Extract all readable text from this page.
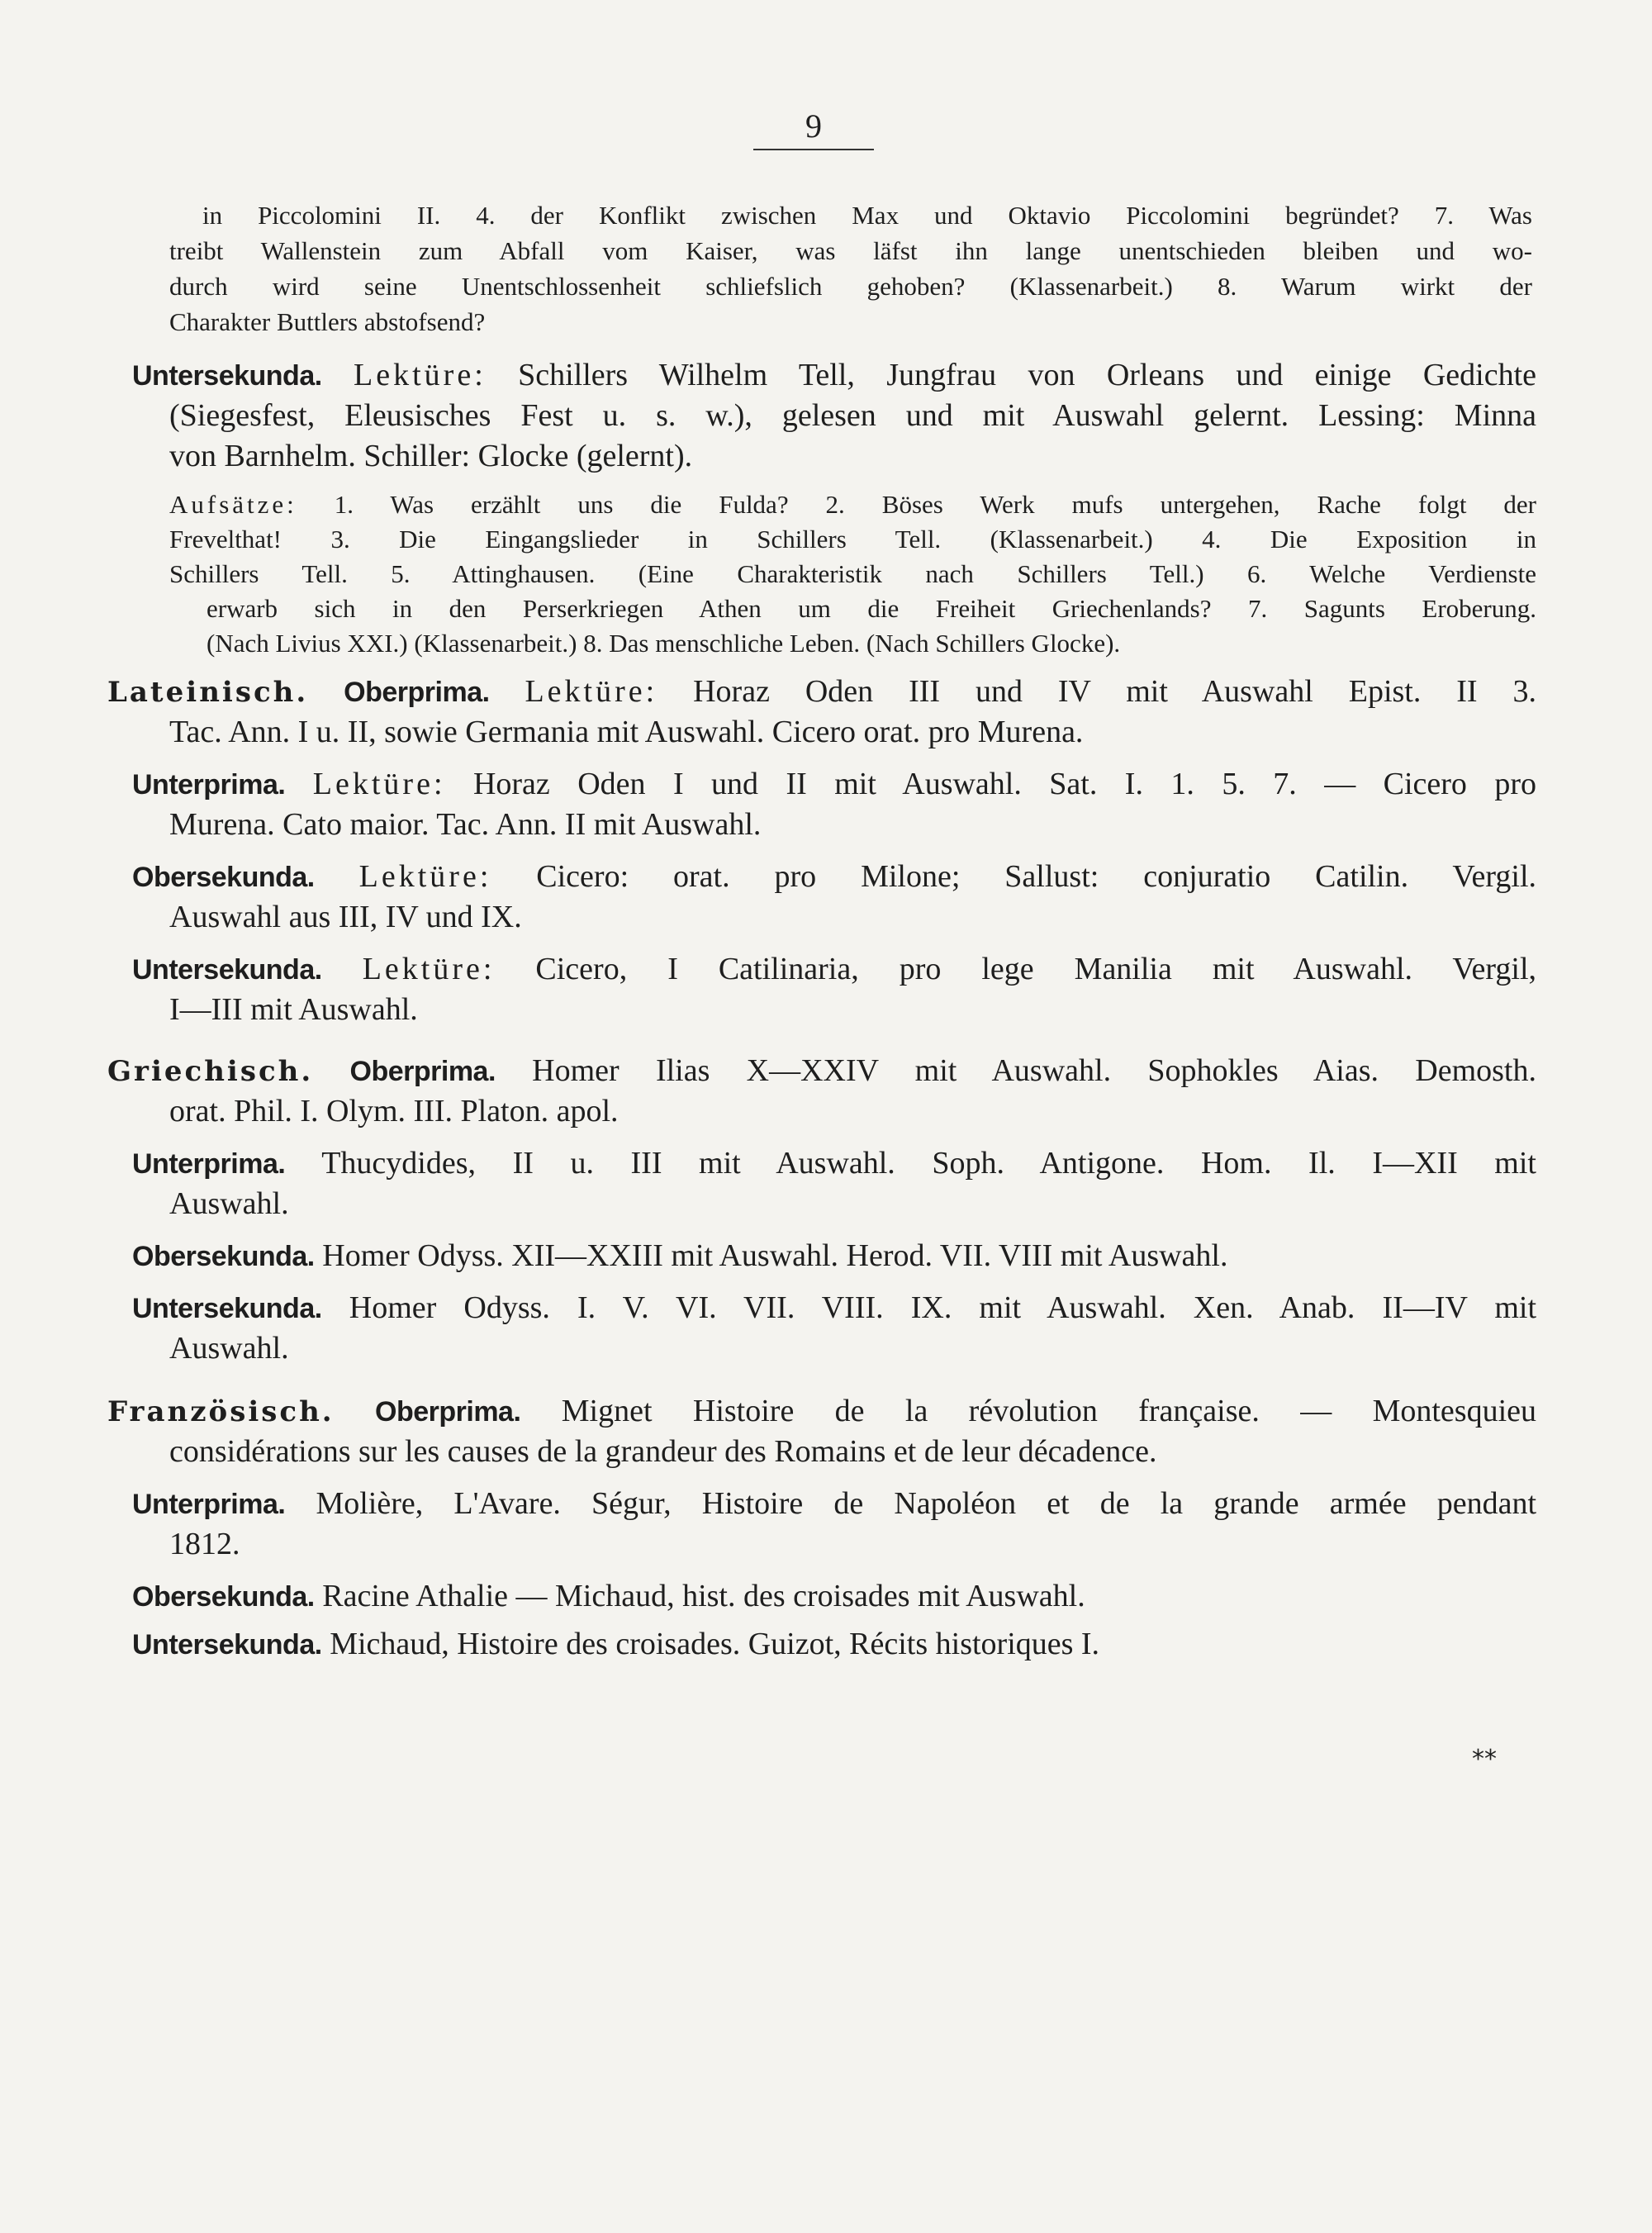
9
in Piccolomini II. 4. der Konflikt zwischen Max und Oktavio Piccolomini begründet? 7. Was
treibt Wallenstein zum Abfall vom Kaiser, was läfst ihn lange unentschieden bleiben und wo-
durch wird seine Unentschlossenheit schliefslich gehoben? (Klassenarbeit.) 8. Warum wirkt der
Charakter Buttlers abstofsend?
Untersekunda. Lektüre: Schillers Wilhelm Tell, Jungfrau von Orleans und einige Gedichte
(Siegesfest, Eleusisches Fest u. s. w.), gelesen und mit Auswahl gelernt. Lessing: Minna
von Barnhelm. Schiller: Glocke (gelernt).
Aufsätze: 1. Was erzählt uns die Fulda? 2. Böses Werk mufs untergehen, Rache folgt der
Frevelthat! 3. Die Eingangslieder in Schillers Tell. (Klassenarbeit.) 4. Die Exposition in
Schillers Tell. 5. Attinghausen. (Eine Charakteristik nach Schillers Tell.) 6. Welche Verdienste
erwarb sich in den Perserkriegen Athen um die Freiheit Griechenlands? 7. Sagunts Eroberung.
(Nach Livius XXI.) (Klassenarbeit.) 8. Das menschliche Leben. (Nach Schillers Glocke).
Lateinisch. Oberprima. Lektüre: Horaz Oden III und IV mit Auswahl Epist. II 3.
Tac. Ann. I u. II, sowie Germania mit Auswahl. Cicero orat. pro Murena.
Unterprima. Lektüre: Horaz Oden I und II mit Auswahl. Sat. I. 1. 5. 7. — Cicero pro
Murena. Cato maior. Tac. Ann. II mit Auswahl.
Obersekunda. Lektüre: Cicero: orat. pro Milone; Sallust: conjuratio Catilin. Vergil.
Auswahl aus III, IV und IX.
Untersekunda. Lektüre: Cicero, I Catilinaria, pro lege Manilia mit Auswahl. Vergil,
I—III mit Auswahl.
Griechisch. Oberprima. Homer Ilias X—XXIV mit Auswahl. Sophokles Aias. Demosth.
orat. Phil. I. Olym. III. Platon. apol.
Unterprima. Thucydides, II u. III mit Auswahl. Soph. Antigone. Hom. Il. I—XII mit
Auswahl.
Obersekunda. Homer Odyss. XII—XXIII mit Auswahl. Herod. VII. VIII mit Auswahl.
Untersekunda. Homer Odyss. I. V. VI. VII. VIII. IX. mit Auswahl. Xen. Anab. II—IV mit
Auswahl.
Französisch. Oberprima. Mignet Histoire de la révolution française. — Montesquieu
considérations sur les causes de la grandeur des Romains et de leur décadence.
Unterprima. Molière, L'Avare. Ségur, Histoire de Napoléon et de la grande armée pendant
1812.
Obersekunda. Racine Athalie — Michaud, hist. des croisades mit Auswahl.
Untersekunda. Michaud, Histoire des croisades. Guizot, Récits historiques I.
**
